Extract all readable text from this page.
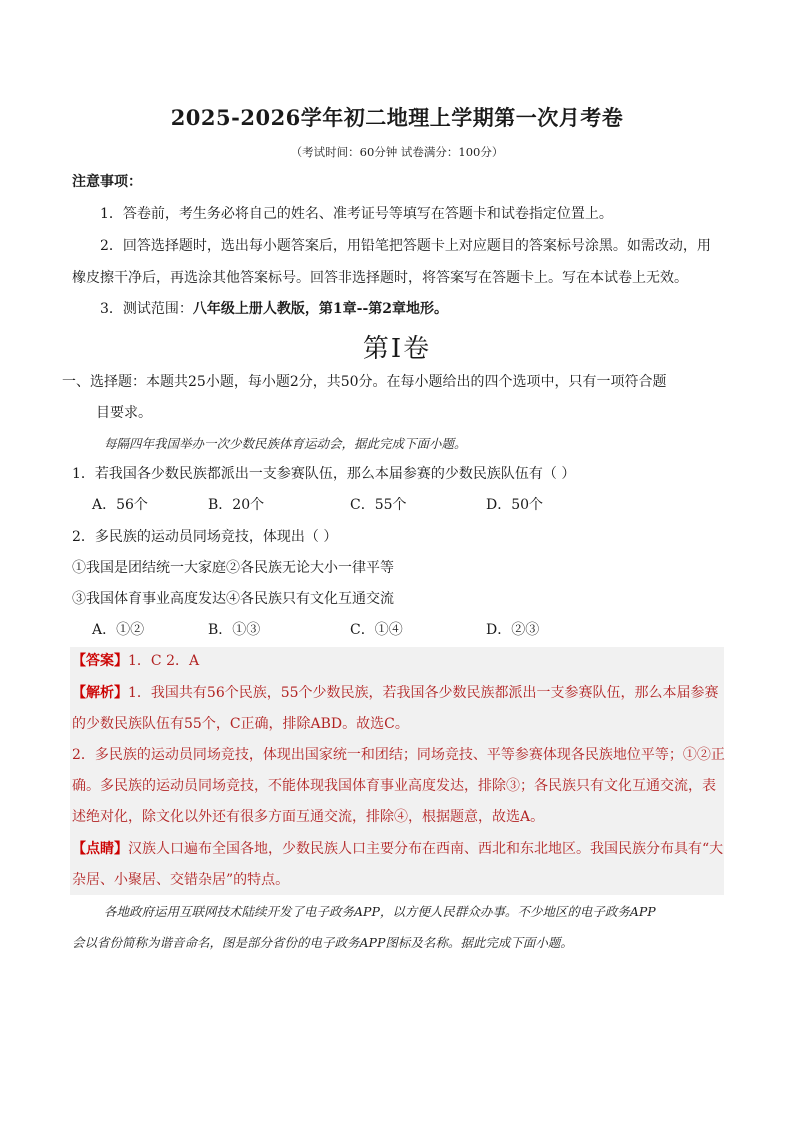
2025-2026学年初二地理上学期第一次月考卷
（考试时间：60分钟 试卷满分：100分）
注意事项：
1．答卷前，考生务必将自己的姓名、准考证号等填写在答题卡和试卷指定位置上。
2．回答选择题时，选出每小题答案后，用铅笔把答题卡上对应题目的答案标号涂黑。如需改动，用
橡皮擦干净后，再选涂其他答案标号。回答非选择题时，将答案写在答题卡上。写在本试卷上无效。
3．测试范围：八年级上册人教版，第1章--第2章地形。
第Ⅰ卷
一、选择题：本题共25小题，每小题2分，共50分。在每小题给出的四个选项中，只有一项符合题
目要求。
每隔四年我国举办一次少数民族体育运动会，据此完成下面小题。
1．若我国各少数民族都派出一支参赛队伍，那么本届参赛的少数民族队伍有（ ）
A．56个	B．20个	C．55个	D．50个
2．多民族的运动员同场竞技，体现出（ ）
①我国是团结统一大家庭②各民族无论大小一律平等
③我国体育事业高度发达④各民族只有文化互通交流
A．①②	B．①③	C．①④	D．②③
【答案】1．C 2．A
【解析】1．我国共有56个民族，55个少数民族，若我国各少数民族都派出一支参赛队伍，那么本届参赛
的少数民族队伍有55个，C正确，排除ABD。故选C。
2．多民族的运动员同场竞技，体现出国家统一和团结；同场竞技、平等参赛体现各民族地位平等；①②正
确。多民族的运动员同场竞技，不能体现我国体育事业高度发达，排除③；各民族只有文化互通交流，表
述绝对化，除文化以外还有很多方面互通交流，排除④，根据题意，故选A。
【点睛】汉族人口遍布全国各地，少数民族人口主要分布在西南、西北和东北地区。我国民族分布具有“大
杂居、小聚居、交错杂居”的特点。
各地政府运用互联网技术陆续开发了电子政务APP，以方便人民群众办事。不少地区的电子政务APP
会以省份简称为谐音命名，图是部分省份的电子政务APP图标及名称。据此完成下面小题。
